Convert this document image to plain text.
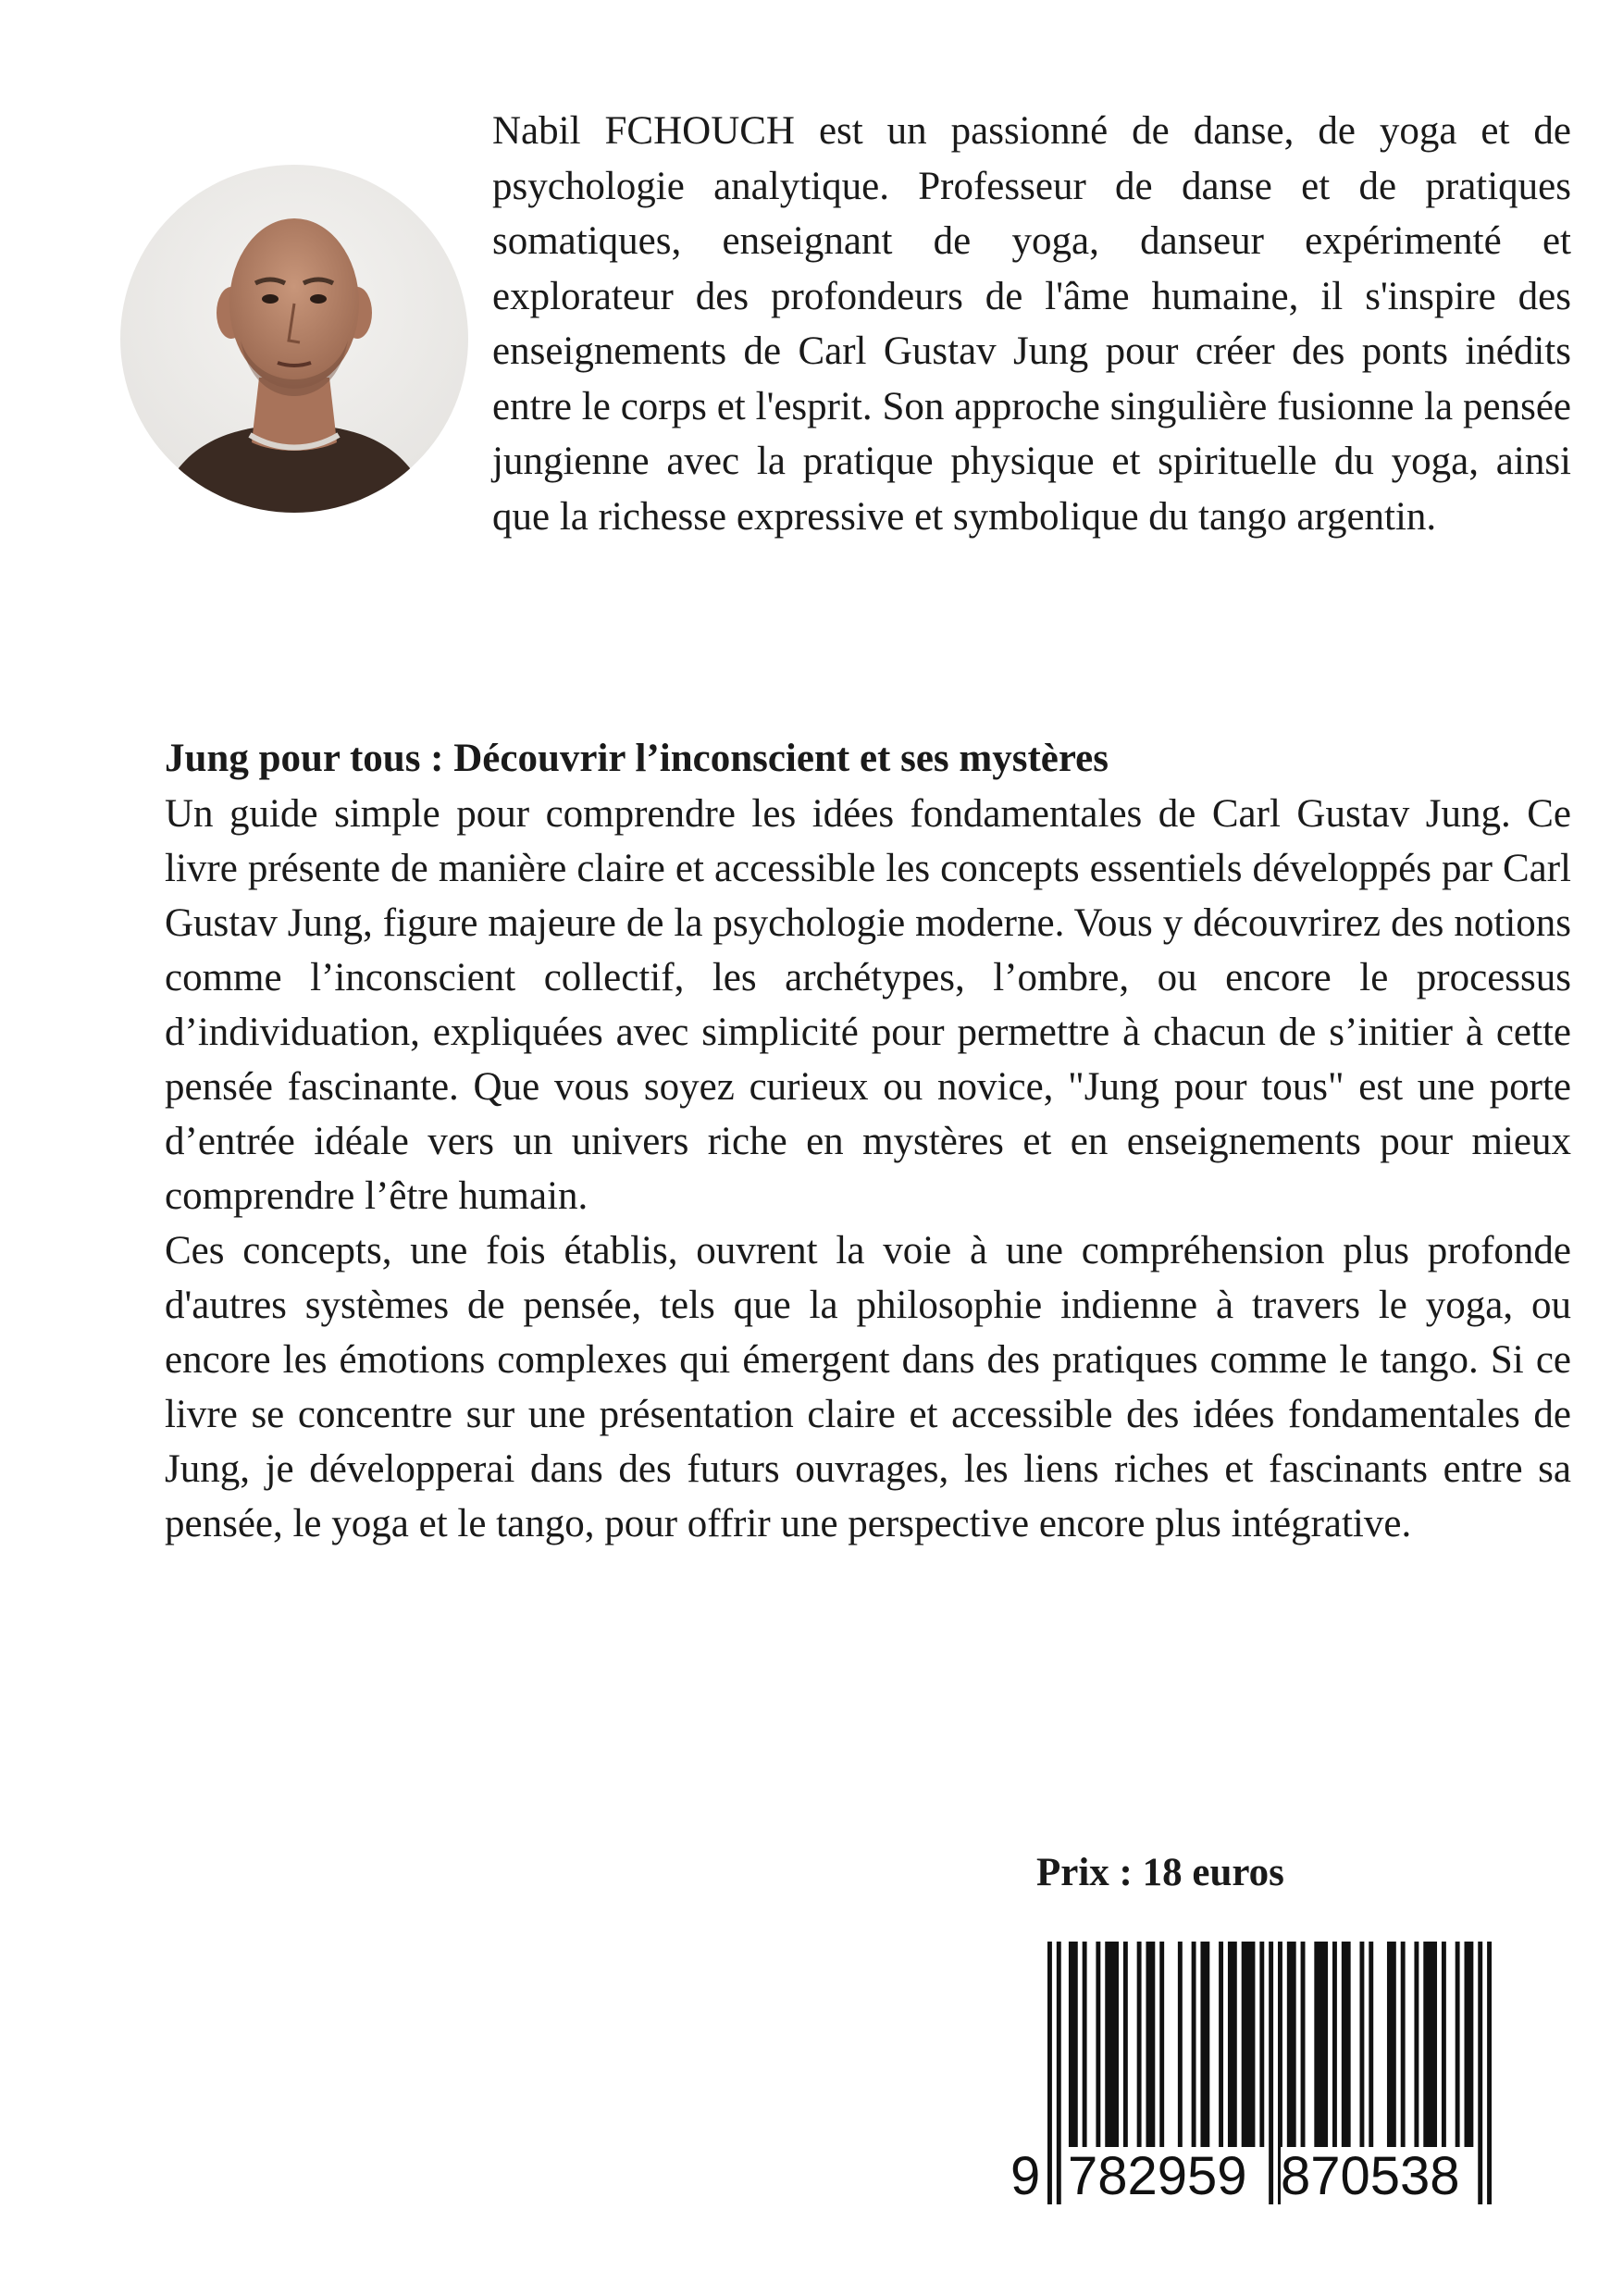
Nabil FCHOUCH est un passionné de danse, de yoga et de psychologie analytique. Professeur de danse et de pratiques somatiques, enseignant de yoga, danseur expérimenté et explorateur des profondeurs de l'âme humaine, il s'inspire des enseignements de Carl Gustav Jung pour créer des ponts inédits entre le corps et l'esprit. Son approche singulière fusionne la pensée jungienne avec la pratique physique et spirituelle du yoga, ainsi que la richesse expressive et symbolique du tango argentin.

Jung pour tous : Découvrir l’inconscient et ses mystères

Un guide simple pour comprendre les idées fondamentales de Carl Gustav Jung. Ce livre présente de manière claire et accessible les concepts essentiels développés par Carl Gustav Jung, figure majeure de la psychologie moderne. Vous y découvrirez des notions comme l’inconscient collectif, les archétypes, l’ombre, ou encore le processus d’individuation, expliquées avec simplicité pour permettre à chacun de s’initier à cette pensée fascinante. Que vous soyez curieux ou novice, "Jung pour tous" est une porte d’entrée idéale vers un univers riche en mystères et en enseignements pour mieux comprendre l’être humain.

Ces concepts, une fois établis, ouvrent la voie à une compréhension plus profonde d'autres systèmes de pensée, tels que la philosophie indienne à travers le yoga, ou encore les émotions complexes qui émergent dans des pratiques comme le tango. Si ce livre se concentre sur une présentation claire et accessible des idées fondamentales de Jung, je développerai dans des futurs ouvrages, les liens riches et fascinants entre sa pensée, le yoga et le tango, pour offrir une perspective encore plus intégrative.

Prix : 18 euros

9 782959 870538
